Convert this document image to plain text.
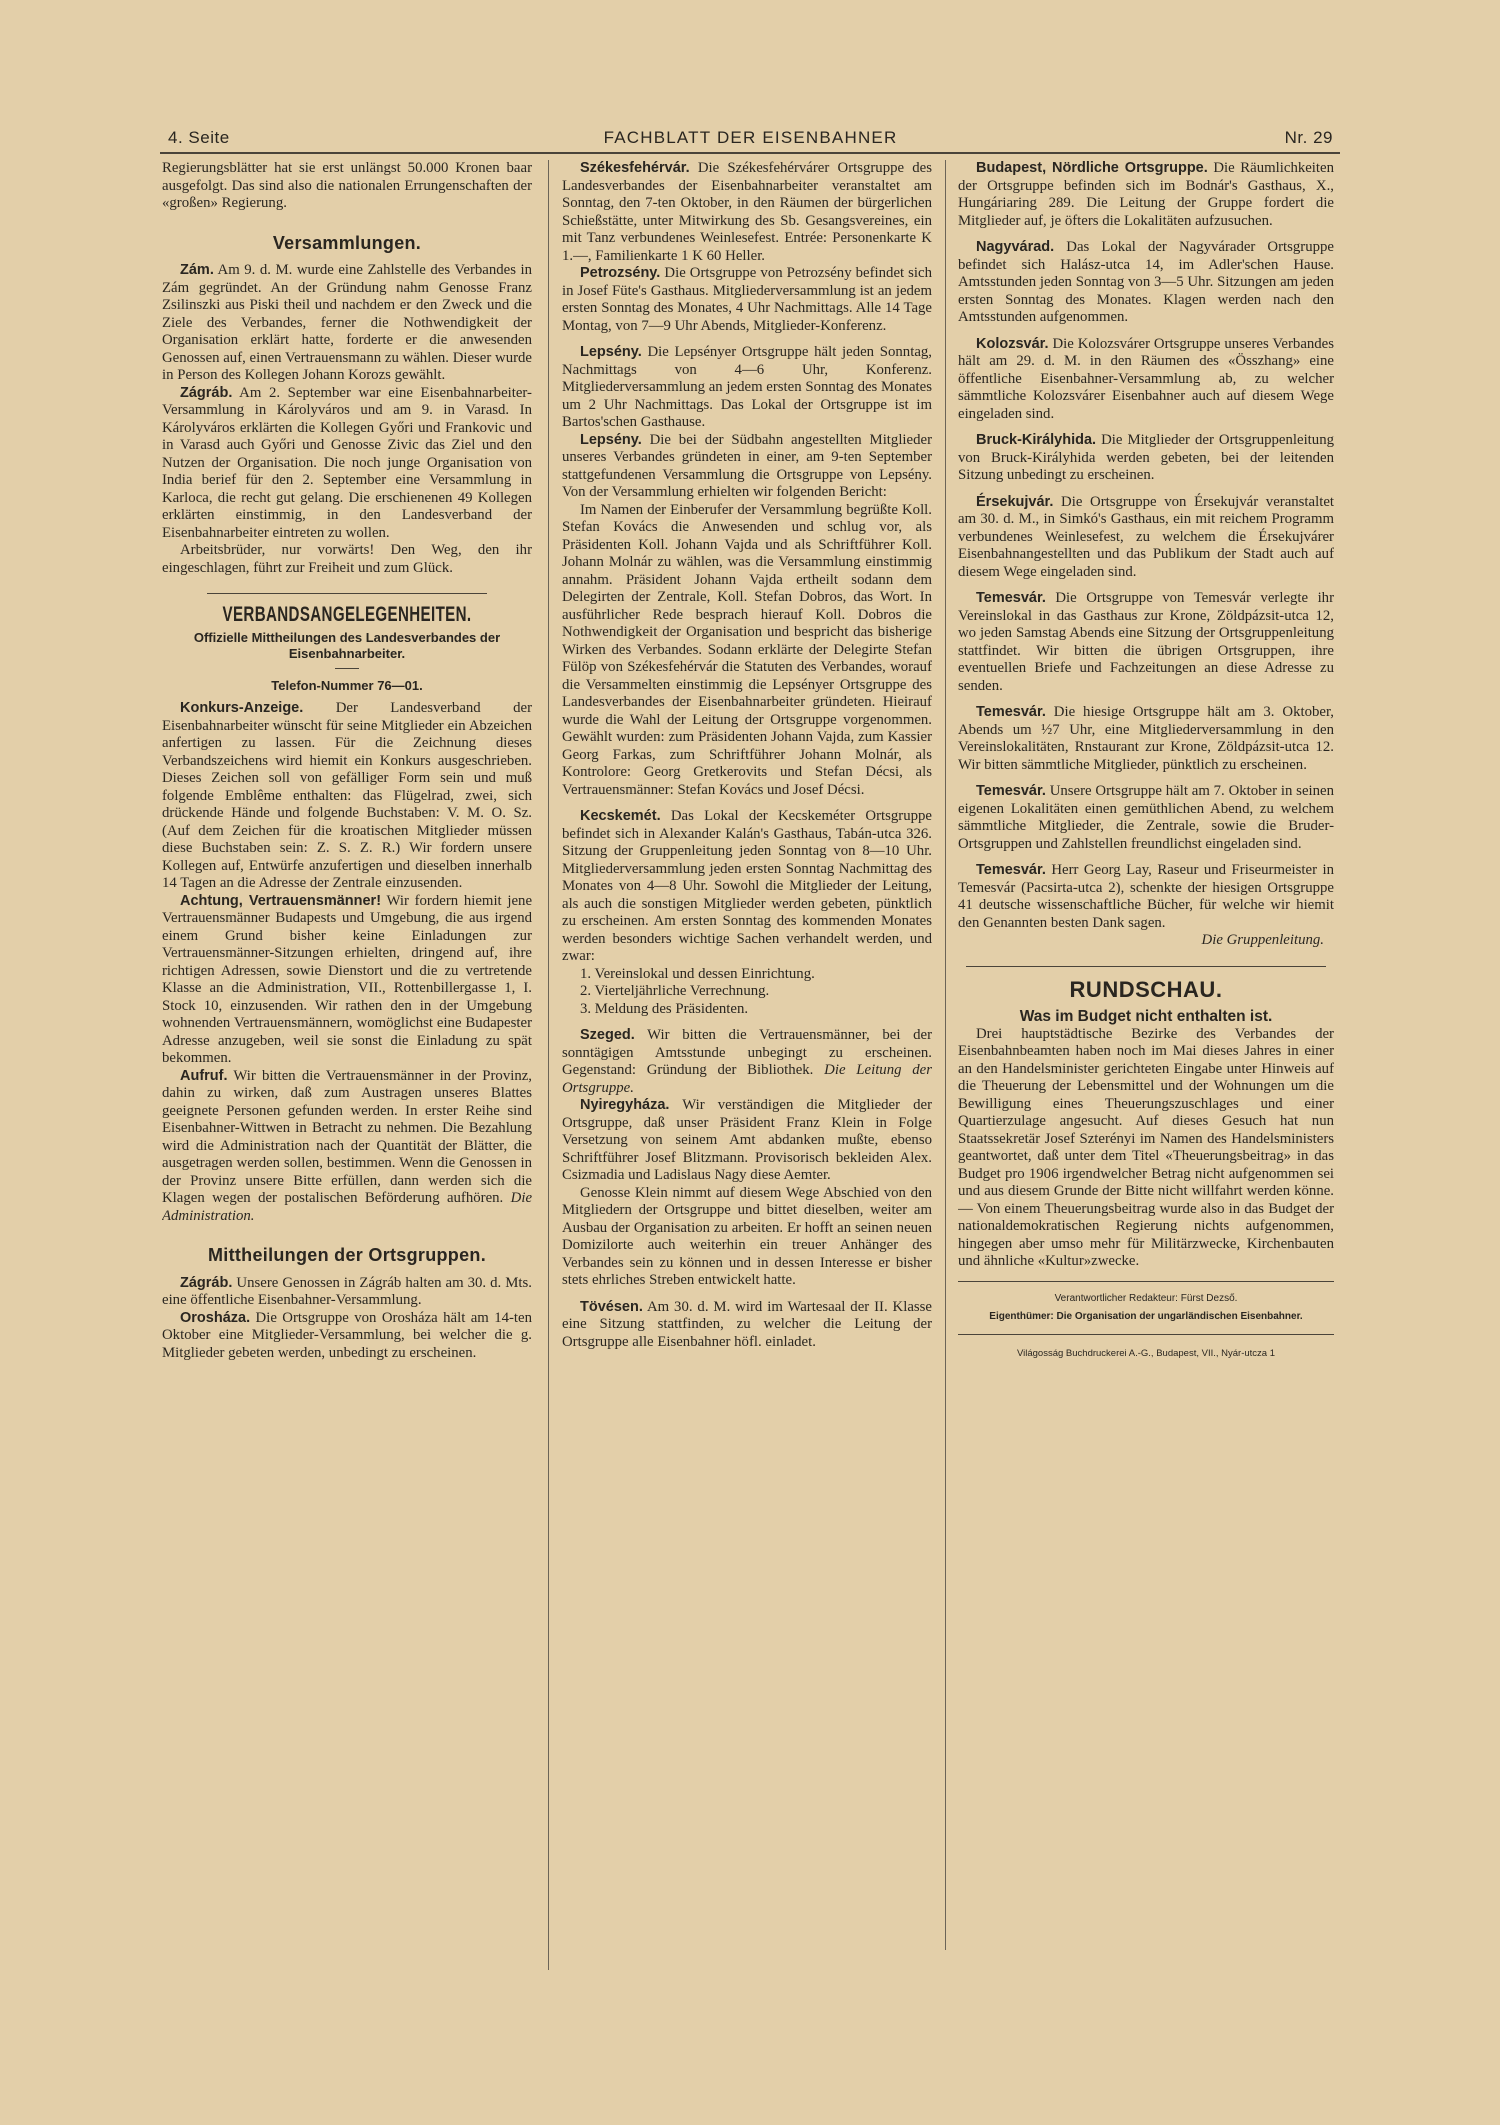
4. Seite	FACHBLATT DER EISENBAHNER	Nr. 29

Regierungsblätter hat sie erst unlängst 50.000 Kronen baar ausgefolgt. Das sind also die nationalen Errungenschaften der «großen» Regierung.

Versammlungen.

Zám. Am 9. d. M. wurde eine Zahlstelle des Verbandes in Zám gegründet. An der Gründung nahm Genosse Franz Zsilinszki aus Piski theil und nachdem er den Zweck und die Ziele des Verbandes, ferner die Nothwendigkeit der Organisation erklärt hatte, forderte er die anwesenden Genossen auf, einen Vertrauensmann zu wählen. Dieser wurde in Person des Kollegen Johann Korozs gewählt.

Zágráb. Am 2. September war eine Eisenbahnarbeiter-Versammlung in Károlyváros und am 9. in Varasd. In Károlyváros erklärten die Kollegen Győri und Frankovic und in Varasd auch Győri und Genosse Zivic das Ziel und den Nutzen der Organisation. Die noch junge Organisation von India berief für den 2. September eine Versammlung in Karloca, die recht gut gelang. Die erschienenen 49 Kollegen erklärten einstimmig, in den Landesverband der Eisenbahnarbeiter eintreten zu wollen.

Arbeitsbrüder, nur vorwärts! Den Weg, den ihr eingeschlagen, führt zur Freiheit und zum Glück.

VERBANDSANGELEGENHEITEN.
Offizielle Mittheilungen des Landesverbandes der Eisenbahnarbeiter.
Telefon-Nummer 76—01.

Konkurs-Anzeige. Der Landesverband der Eisenbahnarbeiter wünscht für seine Mitglieder ein Abzeichen anfertigen zu lassen. Für die Zeichnung dieses Verbandszeichens wird hiemit ein Konkurs ausgeschrieben. Dieses Zeichen soll von gefälliger Form sein und muß folgende Emblême enthalten: das Flügelrad, zwei, sich drückende Hände und folgende Buchstaben: V. M. O. Sz. (Auf dem Zeichen für die kroatischen Mitglieder müssen diese Buchstaben sein: Z. S. Z. R.) Wir fordern unsere Kollegen auf, Entwürfe anzufertigen und dieselben innerhalb 14 Tagen an die Adresse der Zentrale einzusenden.

Achtung, Vertrauensmänner! Wir fordern hiemit jene Vertrauensmänner Budapests und Umgebung, die aus irgend einem Grund bisher keine Einladungen zur Vertrauensmänner-Sitzungen erhielten, dringend auf, ihre richtigen Adressen, sowie Dienstort und die zu vertretende Klasse an die Administration, VII., Rottenbillergasse 1, I. Stock 10, einzusenden. Wir rathen den in der Umgebung wohnenden Vertrauensmännern, womöglichst eine Budapester Adresse anzugeben, weil sie sonst die Einladung zu spät bekommen.

Aufruf. Wir bitten die Vertrauensmänner in der Provinz, dahin zu wirken, daß zum Austragen unseres Blattes geeignete Personen gefunden werden. In erster Reihe sind Eisenbahner-Wittwen in Betracht zu nehmen. Die Bezahlung wird die Administration nach der Quantität der Blätter, die ausgetragen werden sollen, bestimmen. Wenn die Genossen in der Provinz unsere Bitte erfüllen, dann werden sich die Klagen wegen der postalischen Beförderung aufhören. Die Administration.

Mittheilungen der Ortsgruppen.

Zágráb. Unsere Genossen in Zágráb halten am 30. d. Mts. eine öffentliche Eisenbahner-Versammlung.

Orosháza. Die Ortsgruppe von Orosháza hält am 14-ten Oktober eine Mitglieder-Versammlung, bei welcher die g. Mitglieder gebeten werden, unbedingt zu erscheinen.

Székesfehérvár. Die Székesfehérvárer Ortsgruppe des Landesverbandes der Eisenbahnarbeiter veranstaltet am Sonntag, den 7-ten Oktober, in den Räumen der bürgerlichen Schießstätte, unter Mitwirkung des Sb. Gesangsvereines, ein mit Tanz verbundenes Weinlesefest. Entrée: Personenkarte K 1.—, Familienkarte 1 K 60 Heller.

Petrozsény. Die Ortsgruppe von Petrozsény befindet sich in Josef Füte's Gasthaus. Mitgliederversammlung ist an jedem ersten Sonntag des Monates, 4 Uhr Nachmittags. Alle 14 Tage Montag, von 7—9 Uhr Abends, Mitglieder-Konferenz.

Lepsény. Die Lepsényer Ortsgruppe hält jeden Sonntag, Nachmittags von 4—6 Uhr, Konferenz. Mitgliederversammlung an jedem ersten Sonntag des Monates um 2 Uhr Nachmittags. Das Lokal der Ortsgruppe ist im Bartos'schen Gasthause.

Lepsény. Die bei der Südbahn angestellten Mitglieder unseres Verbandes gründeten in einer, am 9-ten September stattgefundenen Versammlung die Ortsgruppe von Lepsény. Von der Versammlung erhielten wir folgenden Bericht:

Im Namen der Einberufer der Versammlung begrüßte Koll. Stefan Kovács die Anwesenden und schlug vor, als Präsidenten Koll. Johann Vajda und als Schriftführer Koll. Johann Molnár zu wählen, was die Versammlung einstimmig annahm. Präsident Johann Vajda ertheilt sodann dem Delegirten der Zentrale, Koll. Stefan Dobros, das Wort. In ausführlicher Rede besprach hierauf Koll. Dobros die Nothwendigkeit der Organisation und bespricht das bisherige Wirken des Verbandes. Sodann erklärte der Delegirte Stefan Fülöp von Székesfehérvár die Statuten des Verbandes, worauf die Versammelten einstimmig die Lepsényer Ortsgruppe des Landesverbandes der Eisenbahnarbeiter gründeten. Hieirauf wurde die Wahl der Leitung der Ortsgruppe vorgenommen. Gewählt wurden: zum Präsidenten Johann Vajda, zum Kassier Georg Farkas, zum Schriftführer Johann Molnár, als Kontrolore: Georg Gretkerovits und Stefan Décsi, als Vertrauensmänner: Stefan Kovács und Josef Décsi.

Kecskemét. Das Lokal der Kecskeméter Ortsgruppe befindet sich in Alexander Kalán's Gasthaus, Tabán-utca 326. Sitzung der Gruppenleitung jeden Sonntag von 8—10 Uhr. Mitgliederversammlung jeden ersten Sonntag Nachmittag des Monates von 4—8 Uhr. Sowohl die Mitglieder der Leitung, als auch die sonstigen Mitglieder werden gebeten, pünktlich zu erscheinen. Am ersten Sonntag des kommenden Monates werden besonders wichtige Sachen verhandelt werden, und zwar:

1. Vereinslokal und dessen Einrichtung.
2. Vierteljährliche Verrechnung.
3. Meldung des Präsidenten.

Szeged. Wir bitten die Vertrauensmänner, bei der sonntägigen Amtsstunde unbegingt zu erscheinen. Gegenstand: Gründung der Bibliothek. Die Leitung der Ortsgruppe.

Nyiregyháza. Wir verständigen die Mitglieder der Ortsgruppe, daß unser Präsident Franz Klein in Folge Versetzung von seinem Amt abdanken mußte, ebenso Schriftführer Josef Blitzmann. Provisorisch bekleiden Alex. Csizmadia und Ladislaus Nagy diese Aemter.

Genosse Klein nimmt auf diesem Wege Abschied von den Mitgliedern der Ortsgruppe und bittet dieselben, weiter am Ausbau der Organisation zu arbeiten. Er hofft an seinen neuen Domizilorte auch weiterhin ein treuer Anhänger des Verbandes sein zu können und in dessen Interesse er bisher stets ehrliches Streben entwickelt hatte.

Tövésen. Am 30. d. M. wird im Wartesaal der II. Klasse eine Sitzung stattfinden, zu welcher die Leitung der Ortsgruppe alle Eisenbahner höfl. einladet.

Budapest, Nördliche Ortsgruppe. Die Räumlichkeiten der Ortsgruppe befinden sich im Bodnár's Gasthaus, X., Hungáriaring 289. Die Leitung der Gruppe fordert die Mitglieder auf, je öfters die Lokalitäten aufzusuchen.

Nagyvárad. Das Lokal der Nagyvárader Ortsgruppe befindet sich Halász-utca 14, im Adler'schen Hause. Amtsstunden jeden Sonntag von 3—5 Uhr. Sitzungen am jeden ersten Sonntag des Monates. Klagen werden nach den Amtsstunden aufgenommen.

Kolozsvár. Die Kolozsvárer Ortsgruppe unseres Verbandes hält am 29. d. M. in den Räumen des «Összhang» eine öffentliche Eisenbahner-Versammlung ab, zu welcher sämmtliche Kolozsvárer Eisenbahner auch auf diesem Wege eingeladen sind.

Bruck-Királyhida. Die Mitglieder der Ortsgruppenleitung von Bruck-Királyhida werden gebeten, bei der leitenden Sitzung unbedingt zu erscheinen.

Érsekujvár. Die Ortsgruppe von Érsekujvár veranstaltet am 30. d. M., in Simkó's Gasthaus, ein mit reichem Programm verbundenes Weinlesefest, zu welchem die Érsekujvárer Eisenbahnangestellten und das Publikum der Stadt auch auf diesem Wege eingeladen sind.

Temesvár. Die Ortsgruppe von Temesvár verlegte ihr Vereinslokal in das Gasthaus zur Krone, Zöldpázsit-utca 12, wo jeden Samstag Abends eine Sitzung der Ortsgruppenleitung stattfindet. Wir bitten die übrigen Ortsgruppen, ihre eventuellen Briefe und Fachzeitungen an diese Adresse zu senden.

Temesvár. Die hiesige Ortsgruppe hält am 3. Oktober, Abends um ½7 Uhr, eine Mitgliederversammlung in den Vereinslokalitäten, Rnstaurant zur Krone, Zöldpázsit-utca 12. Wir bitten sämmtliche Mitglieder, pünktlich zu erscheinen.

Temesvár. Unsere Ortsgruppe hält am 7. Oktober in seinen eigenen Lokalitäten einen gemüthlichen Abend, zu welchem sämmtliche Mitglieder, die Zentrale, sowie die Bruder-Ortsgruppen und Zahlstellen freundlichst eingeladen sind.

Temesvár. Herr Georg Lay, Raseur und Friseurmeister in Temesvár (Pacsirta-utca 2), schenkte der hiesigen Ortsgruppe 41 deutsche wissenschaftliche Bücher, für welche wir hiemit den Genannten besten Dank sagen.

Die Gruppenleitung.
RUNDSCHAU.
Was im Budget nicht enthalten ist.

Drei hauptstädtische Bezirke des Verbandes der Eisenbahnbeamten haben noch im Mai dieses Jahres in einer an den Handelsminister gerichteten Eingabe unter Hinweis auf die Theuerung der Lebensmittel und der Wohnungen um die Bewilligung eines Theuerungszuschlages und einer Quartierzulage angesucht. Auf dieses Gesuch hat nun Staatssekretär Josef Szterényi im Namen des Handelsministers geantwortet, daß unter dem Titel «Theuerungsbeitrag» in das Budget pro 1906 irgendwelcher Betrag nicht aufgenommen sei und aus diesem Grunde der Bitte nicht willfahrt werden könne. — Von einem Theuerungsbeitrag wurde also in das Budget der nationaldemokratischen Regierung nichts aufgenommen, hingegen aber umso mehr für Militärzwecke, Kirchenbauten und ähnliche «Kultur»zwecke.

Verantwortlicher Redakteur: Fürst Dezső.
Eigenthümer: Die Organisation der ungarländischen Eisenbahner.
Világosság Buchdruckerei A.-G., Budapest, VII., Nyár-utcza 1
